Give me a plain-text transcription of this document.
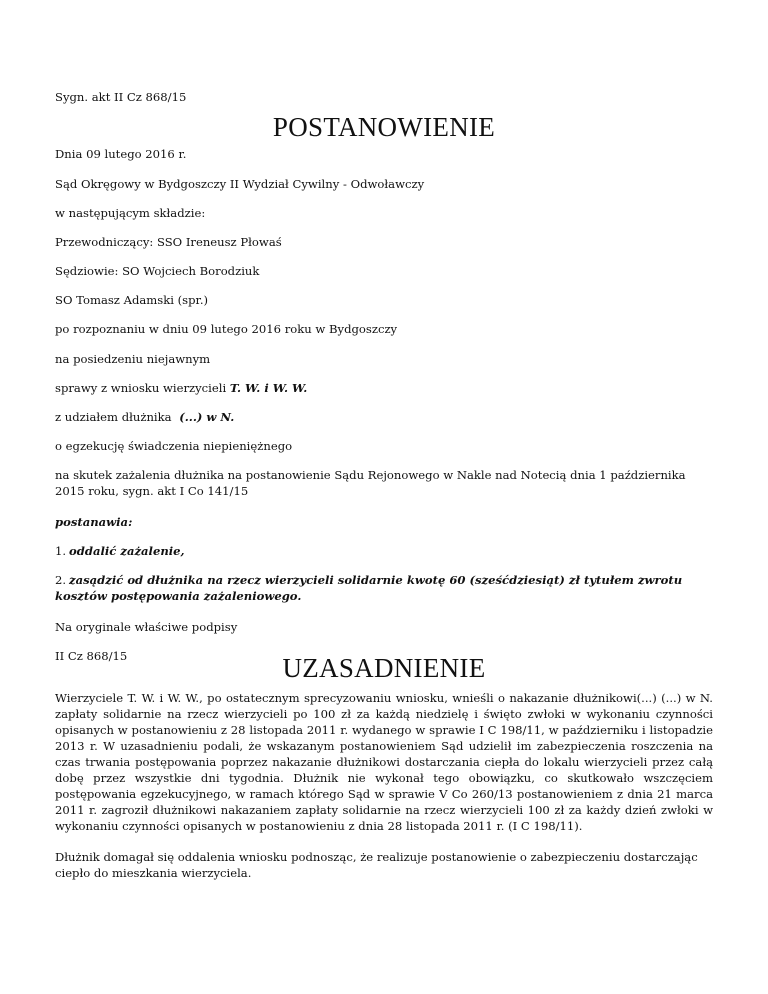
Sygn. akt II Cz 868/15

POSTANOWIENIE

Dnia 09 lutego 2016 r.

Sąd Okręgowy w Bydgoszczy II Wydział Cywilny - Odwoławczy

w następującym składzie:

Przewodniczący: SSO Ireneusz Płowaś

Sędziowie: SO Wojciech Borodziuk

SO Tomasz Adamski (spr.)

po rozpoznaniu w dniu 09 lutego 2016 roku w Bydgoszczy

na posiedzeniu niejawnym

sprawy z wniosku wierzycieli T. W. i W. W.

z udziałem dłużnika (...) w N.

o egzekucję świadczenia niepieniężnego

na skutek zażalenia dłużnika na postanowienie Sądu Rejonowego w Nakle nad Notecią dnia 1 października 2015 roku, sygn. akt I Co 141/15

postanawia:

1. oddalić zażalenie,

2. zasądzić od dłużnika na rzecz wierzycieli solidarnie kwotę 60 (sześćdziesiąt) zł tytułem zwrotu kosztów postępowania zażaleniowego.

Na oryginale właściwe podpisy

II Cz 868/15	UZASADNIENIE

Wierzyciele T. W. i W. W., po ostatecznym sprecyzowaniu wniosku, wnieśli o nakazanie dłużnikowi(...) (...) w N. zapłaty solidarnie na rzecz wierzycieli po 100 zł za każdą niedzielę i święto zwłoki w wykonaniu czynności opisanych w postanowieniu z 28 listopada 2011 r. wydanego w sprawie I C 198/11, w październiku i listopadzie 2013 r. W uzasadnieniu podali, że wskazanym postanowieniem Sąd udzielił im zabezpieczenia roszczenia na czas trwania postępowania poprzez nakazanie dłużnikowi dostarczania ciepła do lokalu wierzycieli przez całą dobę przez wszystkie dni tygodnia. Dłużnik nie wykonał tego obowiązku, co skutkowało wszczęciem postępowania egzekucyjnego, w ramach którego Sąd w sprawie V Co 260/13 postanowieniem z dnia 21 marca 2011 r. zagroził dłużnikowi nakazaniem zapłaty solidarnie na rzecz wierzycieli 100 zł za każdy dzień zwłoki w wykonaniu czynności opisanych w postanowieniu z dnia 28 listopada 2011 r. (I C 198/11).

Dłużnik domagał się oddalenia wniosku podnosząc, że realizuje postanowienie o zabezpieczeniu dostarczając ciepło do mieszkania wierzyciela.
